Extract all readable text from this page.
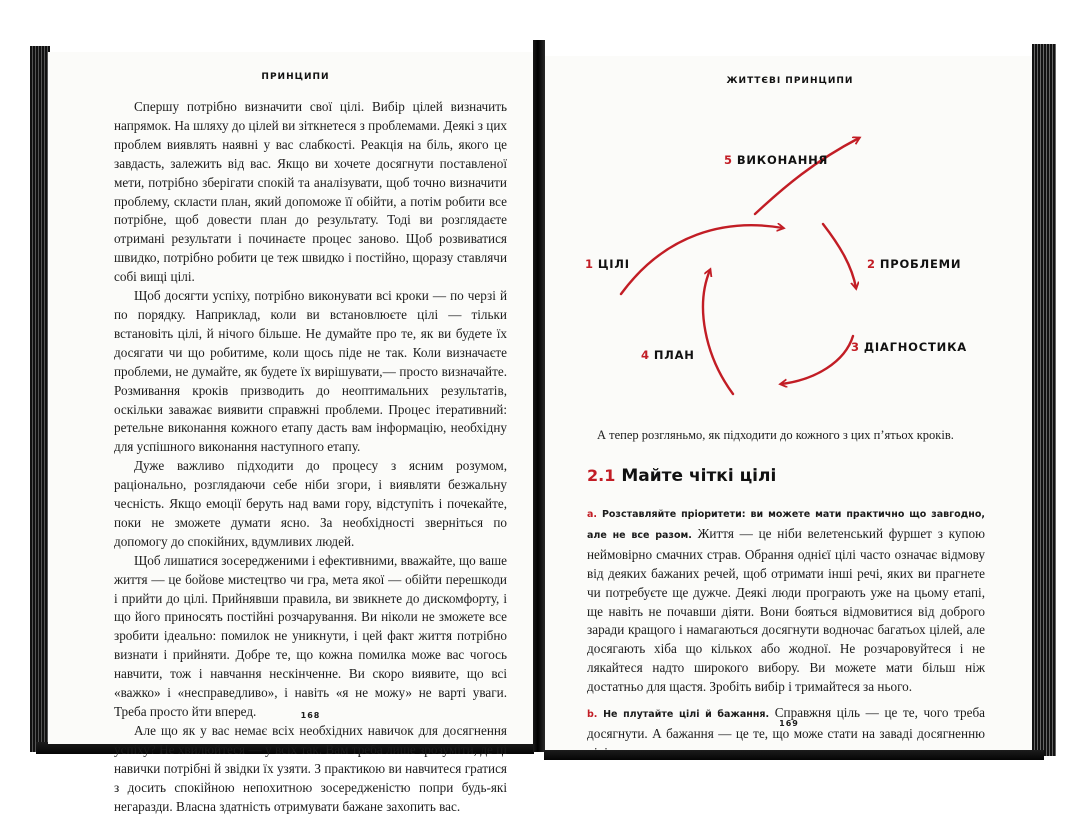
ПРИНЦИПИ

Спершу потрібно визначити свої цілі. Вибір цілей визначить напрямок. На шляху до цілей ви зіткнетеся з проблемами. Деякі з цих проблем виявлять наявні у вас слабкості. Реакція на біль, якого це завдасть, залежить від вас. Якщо ви хочете досягнути поставленої мети, потрібно зберігати спокій та аналізувати, щоб точно визначити проблему, скласти план, який допоможе її обійти, а потім робити все потрібне, щоб довести план до результату. Тоді ви розглядаєте отримані результати і починаєте процес заново. Щоб розвиватися швидко, потрібно робити це теж швидко і постійно, щоразу ставлячи собі вищі цілі.

Щоб досягти успіху, потрібно виконувати всі кроки — по черзі й по порядку. Наприклад, коли ви встановлюєте цілі — тільки встановіть цілі, й нічого більше. Не думайте про те, як ви будете їх досягати чи що робитиме, коли щось піде не так. Коли визначаєте проблеми, не думайте, як будете їх вирішувати,— просто визначайте. Розмивання кроків призводить до неоптимальних результатів, оскільки заважає виявити справжні проблеми. Процес ітеративний: ретельне виконання кожного етапу дасть вам інформацію, необхідну для успішного виконання наступного етапу.

Дуже важливо підходити до процесу з ясним розумом, раціонально, розглядаючи себе ніби згори, і виявляти безжальну чесність. Якщо емоції беруть над вами гору, відступіть і почекайте, поки не зможете думати ясно. За необхідності зверніться по допомогу до спокійних, вдумливих людей.

Щоб лишатися зосередженими і ефективними, вважайте, що ваше життя — це бойове мистецтво чи гра, мета якої — обійти перешкоди і прийти до цілі. Прийнявши правила, ви звикнете до дискомфорту, і що його приносять постійні розчарування. Ви ніколи не зможете все зробити ідеально: помилок не уникнути, і цей факт життя потрібно визнати і прийняти. Добре те, що кожна помилка може вас чогось навчити, тож і навчання нескінченне. Ви скоро виявите, що всі «важко» і «несправедливо», і навіть «я не можу» не варті уваги. Треба просто йти вперед.

Але що як у вас немає всіх необхідних навичок для досягнення успіху? Не хвилюйтеся — у всіх так. Вам треба лише зрозуміти, де ці навички потрібні й звідки їх узяти. З практикою ви навчитеся гратися з досить спокійною непохитною зосередженістю попри будь-які негаразди. Власна здатність отримувати бажане захопить вас.

168
ЖИТТЄВІ ПРИНЦИПИ
1 ЦІЛІ	2 ПРОБЛЕМИ
3 ДІАГНОСТИКА
4 ПЛАН
5 ВИКОНАННЯ
А тепер розгляньмо, як підходити до кожного з цих п’ятьох кроків.
2.1 Майте чіткі цілі

a. Розставляйте пріоритети: ви можете мати практично що завгодно, але не все разом. Життя — це ніби велетенський фуршет з купою неймовірно смачних страв. Обрання однієї цілі часто означає відмову від деяких бажаних речей, щоб отримати інші речі, яких ви прагнете чи потребуєте ще дужче. Деякі люди програють уже на цьому етапі, ще навіть не почавши діяти. Вони бояться відмовитися від доброго заради кращого і намагаються досягнути водночас багатьох цілей, але досягають хіба що кількох або жодної. Не розчаровуйтеся і не лякайтеся надто широкого вибору. Ви можете мати більш ніж достатньо для щастя. Зробіть вибір і тримайтеся за нього.

b. Не плутайте цілі й бажання. Справжня ціль — це те, чого треба досягнути. А бажання — це те, що може стати на заваді досягненню

169
